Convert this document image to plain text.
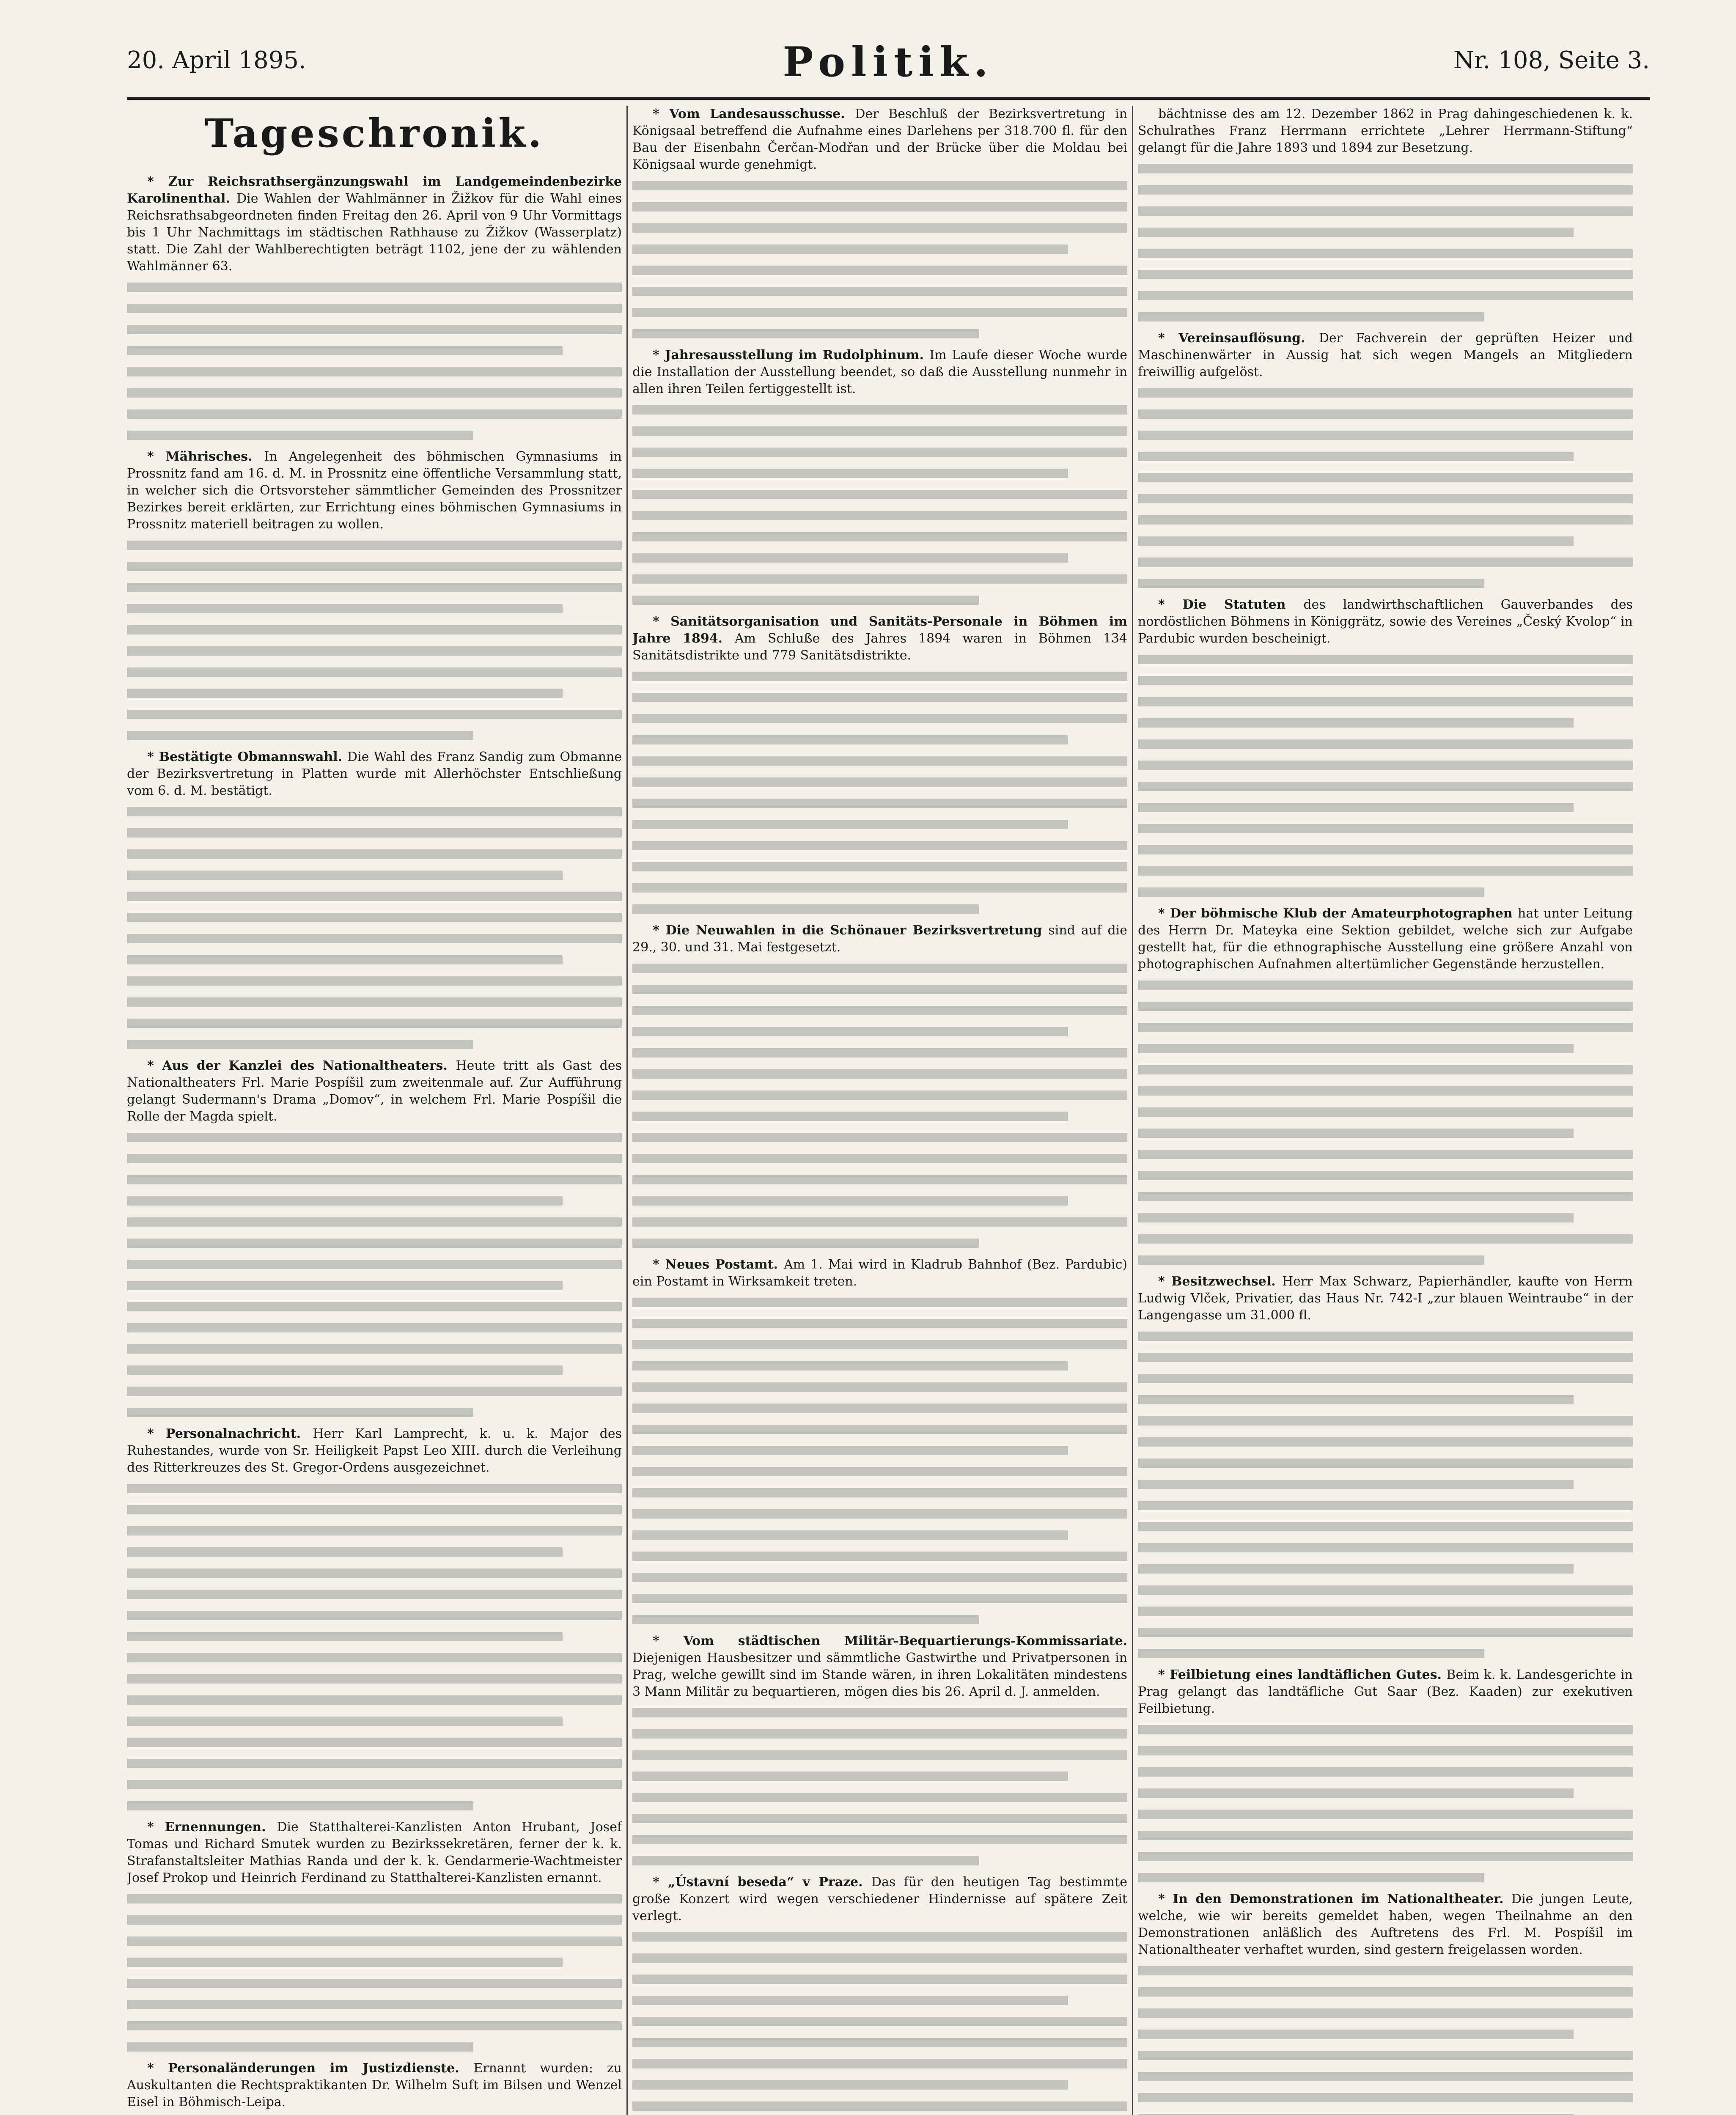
20. April 1895.	Politik.	Nr. 108, Seite 3.
Tageschronik.

* Zur Reichsrathsergänzungswahl im Landgemeindenbezirke Karolinenthal. Die Wahlen der Wahlmänner in Žižkov für die Wahl eines Reichsrathsabgeordneten finden Freitag den 26. April von 9 Uhr Vormittags bis 1 Uhr Nachmittags im städtischen Rathhause zu Žižkov (Wasserplatz) statt. Die Zahl der Wahlberechtigten beträgt 1102, jene der zu wählenden Wahlmänner 63.

* Mährisches. In Angelegenheit des böhmischen Gymnasiums in Prossnitz fand am 16. d. M. in Prossnitz eine öffentliche Versammlung statt, in welcher sich die Ortsvorsteher sämmtlicher Gemeinden des Prossnitzer Bezirkes bereit erklärten, zur Errichtung eines böhmischen Gymnasiums in Prossnitz materiell beitragen zu wollen.

* Bestätigte Obmannswahl. Die Wahl des Franz Sandig zum Obmanne der Bezirksvertretung in Platten wurde mit Allerhöchster Entschließung vom 6. d. M. bestätigt.

* Aus der Kanzlei des Nationaltheaters. Heute tritt als Gast des Nationaltheaters Frl. Marie Pospíšil zum zweitenmale auf. Zur Aufführung gelangt Sudermann's Drama „Domov“, in welchem Frl. Marie Pospíšil die Rolle der Magda spielt.

* Personalnachricht. Herr Karl Lamprecht, k. u. k. Major des Ruhestandes, wurde von Sr. Heiligkeit Papst Leo XIII. durch die Verleihung des Ritterkreuzes des St. Gregor-Ordens ausgezeichnet.

* Ernennungen. Die Statthalterei-Kanzlisten Anton Hrubant, Josef Tomas und Richard Smutek wurden zu Bezirkssekretären, ferner der k. k. Strafanstaltsleiter Mathias Randa und der k. k. Gendarmerie-Wachtmeister Josef Prokop und Heinrich Ferdinand zu Statthalterei-Kanzlisten ernannt.

* Personaländerungen im Justizdienste. Ernannt wurden: zu Auskultanten die Rechtspraktikanten Dr. Wilhelm Suft im Bilsen und Wenzel Eisel in Böhmisch-Leipa.

* Vom Landesausschusse. Der Beschluß der Bezirksvertretung in Königsaal betreffend die Aufnahme eines Darlehens per 318.700 fl. für den Bau der Eisenbahn Čerčan-Modřan und der Brücke über die Moldau bei Königsaal wurde genehmigt.

* Jahresausstellung im Rudolphinum. Im Laufe dieser Woche wurde die Installation der Ausstellung beendet, so daß die Ausstellung nunmehr in allen ihren Teilen fertiggestellt ist.

* Sanitätsorganisation und Sanitäts-Personale in Böhmen im Jahre 1894. Am Schluße des Jahres 1894 waren in Böhmen 134 Sanitätsdistrikte und 779 Sanitätsdistrikte.

* Die Neuwahlen in die Schönauer Bezirksvertretung sind auf die 29., 30. und 31. Mai festgesetzt.

* Neues Postamt. Am 1. Mai wird in Kladrub Bahnhof (Bez. Pardubic) ein Postamt in Wirksamkeit treten.

* Vom städtischen Militär-Bequartierungs-Kommissariate. Diejenigen Hausbesitzer und sämmtliche Gastwirthe und Privatpersonen in Prag, welche gewillt sind im Stande wären, in ihren Lokalitäten mindestens 3 Mann Militär zu bequartieren, mögen dies bis 26. April d. J. anmelden.

* „Ústavní beseda“ v Praze. Das für den heutigen Tag bestimmte große Konzert wird wegen verschiedener Hindernisse auf spätere Zeit verlegt.

bächtnisse des am 12. Dezember 1862 in Prag dahingeschiedenen k. k. Schulrathes Franz Herrmann errichtete „Lehrer Herrmann-Stiftung“ gelangt für die Jahre 1893 und 1894 zur Besetzung.

* Vereinsauflösung. Der Fachverein der geprüften Heizer und Maschinenwärter in Aussig hat sich wegen Mangels an Mitgliedern freiwillig aufgelöst.

* Die Statuten des landwirthschaftlichen Gauverbandes des nordöstlichen Böhmens in Königgrätz, sowie des Vereines „Český Kvolop“ in Pardubic wurden bescheinigt.

* Der böhmische Klub der Amateurphotographen hat unter Leitung des Herrn Dr. Mateyka eine Sektion gebildet, welche sich zur Aufgabe gestellt hat, für die ethnographische Ausstellung eine größere Anzahl von photographischen Aufnahmen altertümlicher Gegenstände herzustellen.

* Besitzwechsel. Herr Max Schwarz, Papierhändler, kaufte von Herrn Ludwig Vlček, Privatier, das Haus Nr. 742-I „zur blauen Weintraube“ in der Langengasse um 31.000 fl.

* Feilbietung eines landtäflichen Gutes. Beim k. k. Landesgerichte in Prag gelangt das landtäfliche Gut Saar (Bez. Kaaden) zur exekutiven Feilbietung.

* In den Demonstrationen im Nationaltheater. Die jungen Leute, welche, wie wir bereits gemeldet haben, wegen Theilnahme an den Demonstrationen anläßlich des Auftretens des Frl. M. Pospíšil im Nationaltheater verhaftet wurden, sind gestern freigelassen worden.
